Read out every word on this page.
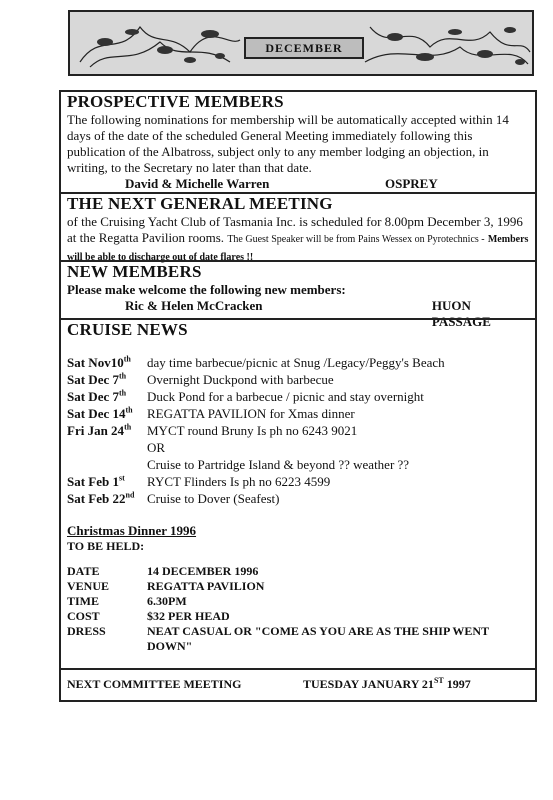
DECEMBER
PROSPECTIVE MEMBERS

The following nominations for membership will be automatically accepted within 14 days of the date of the scheduled General Meeting immediately following this publication of the Albatross, subject only to any member lodging an objection, in writing, to the Secretary no later than that date.

David & Michelle Warren	OSPREY
THE NEXT GENERAL MEETING

of the Cruising Yacht Club of Tasmania Inc. is scheduled for 8.00pm December 3, 1996 at the Regatta Pavilion rooms. The Guest Speaker will be from Pains Wessex on Pyrotechnics - Members will be able to discharge out of date flares !!

NEW MEMBERS
Please make welcome the following new members:
Ric & Helen McCracken	HUON PASSAGE
CRUISE NEWS
Sat Nov10th	day time barbecue/picnic at Snug /Legacy/Peggy's Beach
Sat Dec 7th	Overnight Duckpond with barbecue
Sat Dec 7th	Duck Pond for a barbecue / picnic and stay overnight
Sat Dec 14th	REGATTA PAVILION for Xmas dinner
Fri Jan 24th	MYCT round Bruny Is ph no 6243 9021
OR
Cruise to Partridge Island & beyond ?? weather ??
Sat Feb 1st	RYCT Flinders Is ph no 6223 4599
Sat Feb 22nd Cruise to Dover (Seafest)
Christmas Dinner 1996
TO BE HELD:
DATE	14 DECEMBER 1996
VENUE	REGATTA PAVILION
TIME	6.30PM
COST	$32 PER HEAD
DRESS	NEAT CASUAL OR "COME AS YOU ARE AS THE SHIP WENT DOWN"
NEXT COMMITTEE MEETING	TUESDAY JANUARY 21ST 1997
